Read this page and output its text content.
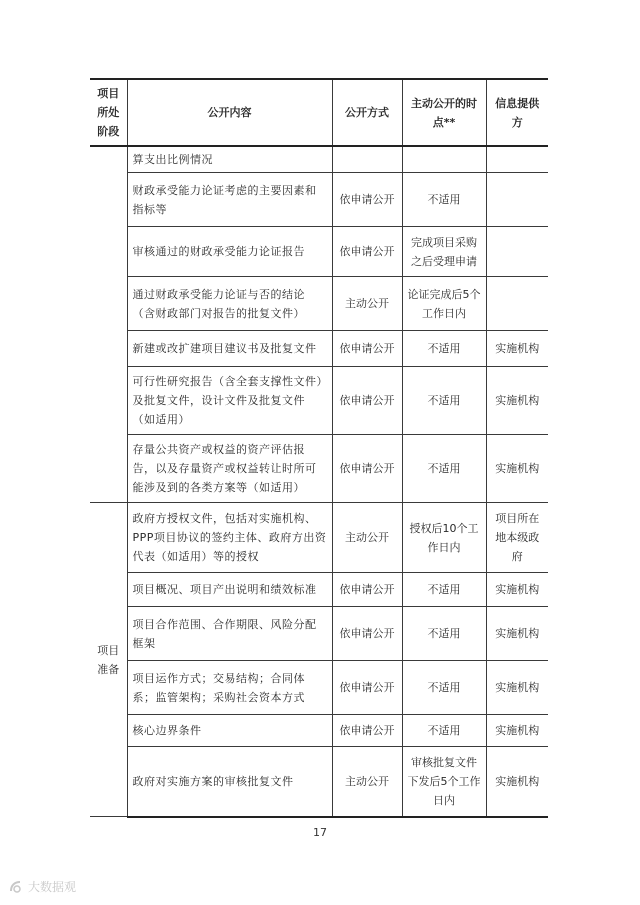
项目所处阶段	公开内容	公开方式	主动公开的时点**	信息提供方
	算支出比例情况			
	财政承受能力论证考虑的主要因素和指标等	依申请公开	不适用	
	审核通过的财政承受能力论证报告	依申请公开	完成项目采购之后受理申请	
	通过财政承受能力论证与否的结论（含财政部门对报告的批复文件）	主动公开	论证完成后5个工作日内	
	新建或改扩建项目建议书及批复文件	依申请公开	不适用	实施机构
	可行性研究报告（含全套支撑性文件）及批复文件，设计文件及批复文件（如适用）	依申请公开	不适用	实施机构
	存量公共资产或权益的资产评估报告，以及存量资产或权益转让时所可能涉及到的各类方案等（如适用）	依申请公开	不适用	实施机构
项目准备	政府方授权文件，包括对实施机构、PPP项目协议的签约主体、政府方出资代表（如适用）等的授权	主动公开	授权后10个工作日内	项目所在地本级政府
	项目概况、项目产出说明和绩效标准	依申请公开	不适用	实施机构
	项目合作范围、合作期限、风险分配框架	依申请公开	不适用	实施机构
	项目运作方式；交易结构；合同体系；监管架构；采购社会资本方式	依申请公开	不适用	实施机构
	核心边界条件	依申请公开	不适用	实施机构
	政府对实施方案的审核批复文件	主动公开	审核批复文件下发后5个工作日内	实施机构
17
大数据观
